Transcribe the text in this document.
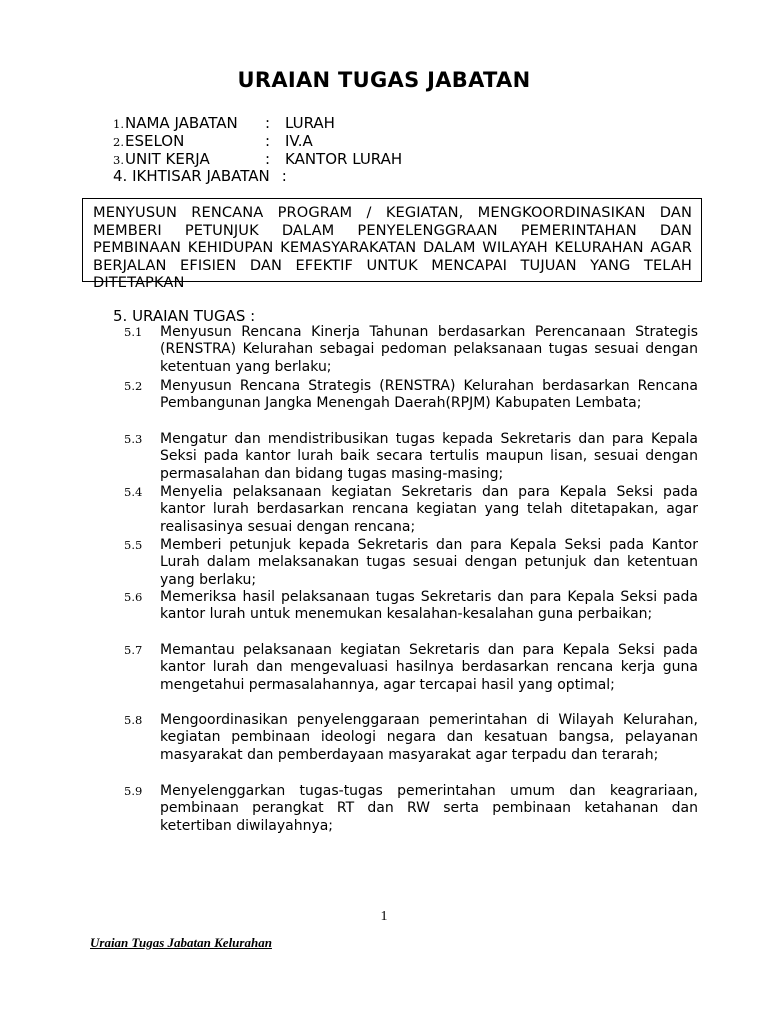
URAIAN TUGAS JABATAN
1. NAMA JABATAN : LURAH
2. ESELON	: IV.A
3. UNIT KERJA	: KANTOR LURAH
4. IKHTISAR JABATAN :
MENYUSUN RENCANA PROGRAM / KEGIATAN, MENGKOORDINASIKAN DAN MEMBERI PETUNJUK DALAM PENYELENGGRAAN PEMERINTAHAN DAN PEMBINAAN KEHIDUPAN KEMASYARAKATAN DALAM WILAYAH KELURAHAN AGAR BERJALAN EFISIEN DAN EFEKTIF UNTUK MENCAPAI TUJUAN YANG TELAH DITETAPKAN
5. URAIAN TUGAS :
5.1 Menyusun Rencana Kinerja Tahunan berdasarkan Perencanaan Strategis (RENSTRA) Kelurahan sebagai pedoman pelaksanaan tugas sesuai dengan ketentuan yang berlaku;
5.2 Menyusun Rencana Strategis (RENSTRA) Kelurahan berdasarkan Rencana Pembangunan Jangka Menengah Daerah(RPJM) Kabupaten Lembata;
5.3 Mengatur dan mendistribusikan tugas kepada Sekretaris dan para Kepala Seksi pada kantor lurah baik secara tertulis maupun lisan, sesuai dengan permasalahan dan bidang tugas masing-masing;
5.4 Menyelia pelaksanaan kegiatan Sekretaris dan para Kepala Seksi pada kantor lurah berdasarkan rencana kegiatan yang telah ditetapakan, agar realisasinya sesuai dengan rencana;
5.5 Memberi petunjuk kepada Sekretaris dan para Kepala Seksi pada Kantor Lurah dalam melaksanakan tugas sesuai dengan petunjuk dan ketentuan yang berlaku;
5.6 Memeriksa hasil pelaksanaan tugas Sekretaris dan para Kepala Seksi pada kantor lurah untuk menemukan kesalahan-kesalahan guna perbaikan;
5.7 Memantau pelaksanaan kegiatan Sekretaris dan para Kepala Seksi pada kantor lurah dan mengevaluasi hasilnya berdasarkan rencana kerja guna mengetahui permasalahannya, agar tercapai hasil yang optimal;
5.8 Mengoordinasikan penyelenggaraan pemerintahan di Wilayah Kelurahan, kegiatan pembinaan ideologi negara dan kesatuan bangsa, pelayanan masyarakat dan pemberdayaan masyarakat agar terpadu dan terarah;
5.9 Menyelenggarkan tugas-tugas pemerintahan umum dan keagrariaan, pembinaan perangkat RT dan RW serta pembinaan ketahanan dan ketertiban diwilayahnya;
1
Uraian Tugas Jabatan Kelurahan
